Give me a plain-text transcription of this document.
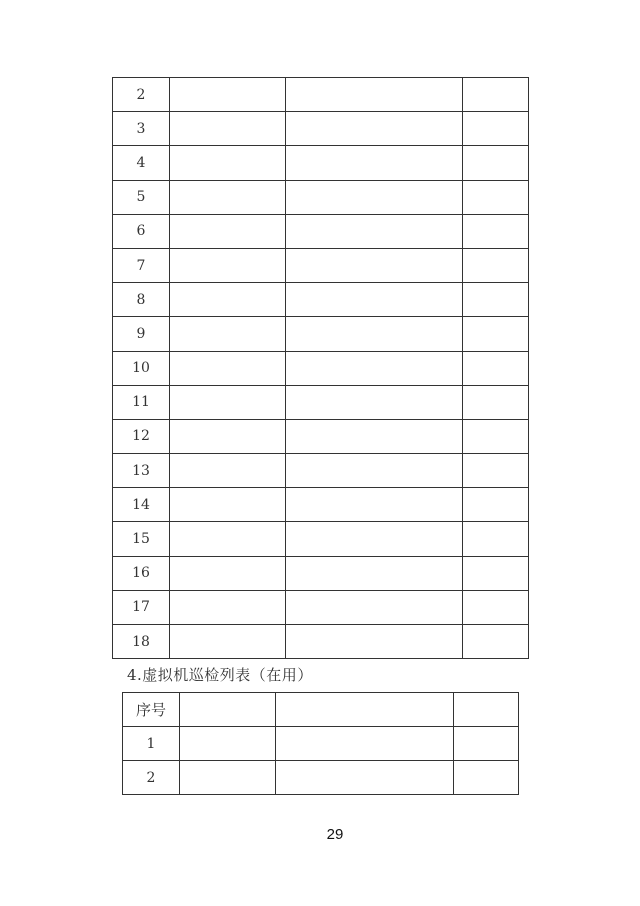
2			
3			
4			
5			
6			
7			
8			
9			
10			
11			
12			
13			
14			
15			
16			
17			
18			
4.虚拟机巡检列表（在用）
序号			
1			
2			
29
